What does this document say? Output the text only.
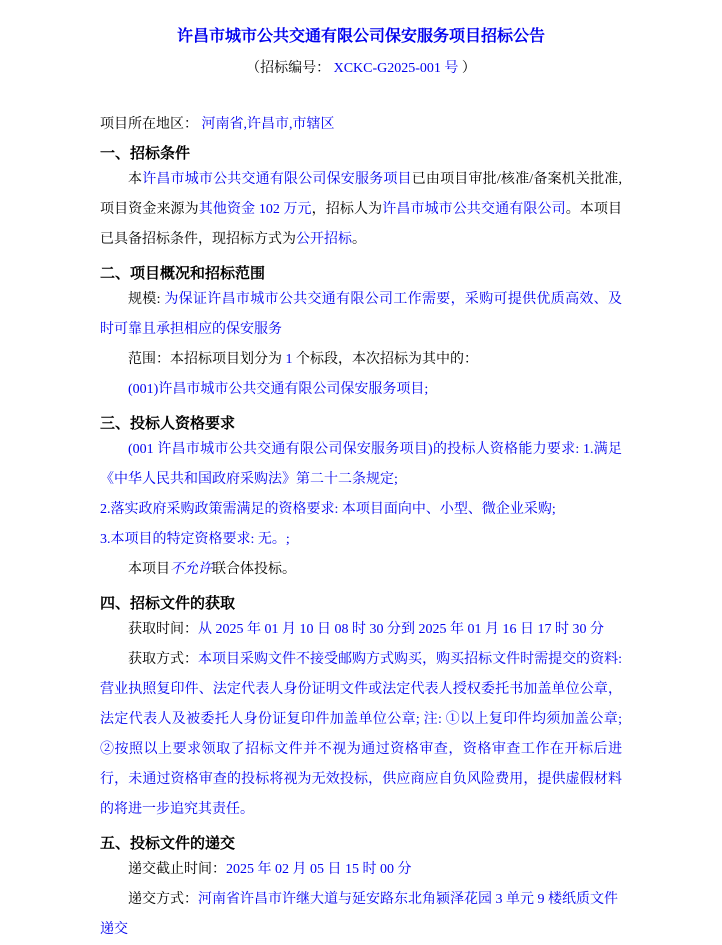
许昌市城市公共交通有限公司保安服务项目招标公告
（招标编号： XCKC-G2025-001 号 ）

项目所在地区： 河南省,许昌市,市辖区

一、招标条件

本许昌市城市公共交通有限公司保安服务项目已由项目审批/核准/备案机关批准,项目资金来源为其他资金 102 万元，招标人为许昌市城市公共交通有限公司。本项目已具备招标条件，现招标方式为公开招标。

二、项目概况和招标范围

规模: 为保证许昌市城市公共交通有限公司工作需要，采购可提供优质高效、及时可靠且承担相应的保安服务

范围：本招标项目划分为 1 个标段，本次招标为其中的：

(001)许昌市城市公共交通有限公司保安服务项目;

三、投标人资格要求

(001 许昌市城市公共交通有限公司保安服务项目)的投标人资格能力要求: 1.满足《中华人民共和国政府采购法》第二十二条规定;

2.落实政府采购政策需满足的资格要求: 本项目面向中、小型、微企业采购;

3.本项目的特定资格要求: 无。;

本项目不允许联合体投标。

四、招标文件的获取

获取时间：从 2025 年 01 月 10 日 08 时 30 分到 2025 年 01 月 16 日 17 时 30 分

获取方式：本项目采购文件不接受邮购方式购买，购买招标文件时需提交的资料: 营业执照复印件、法定代表人身份证明文件或法定代表人授权委托书加盖单位公章，法定代表人及被委托人身份证复印件加盖单位公章; 注: ①以上复印件均须加盖公章; ②按照以上要求领取了招标文件并不视为通过资格审查，资格审查工作在开标后进行，未通过资格审查的投标将视为无效投标，供应商应自负风险费用，提供虚假材料的将进一步追究其责任。

五、投标文件的递交

递交截止时间：2025 年 02 月 05 日 15 时 00 分

递交方式：河南省许昌市许继大道与延安路东北角颍泽花园 3 单元 9 楼纸质文件递交
